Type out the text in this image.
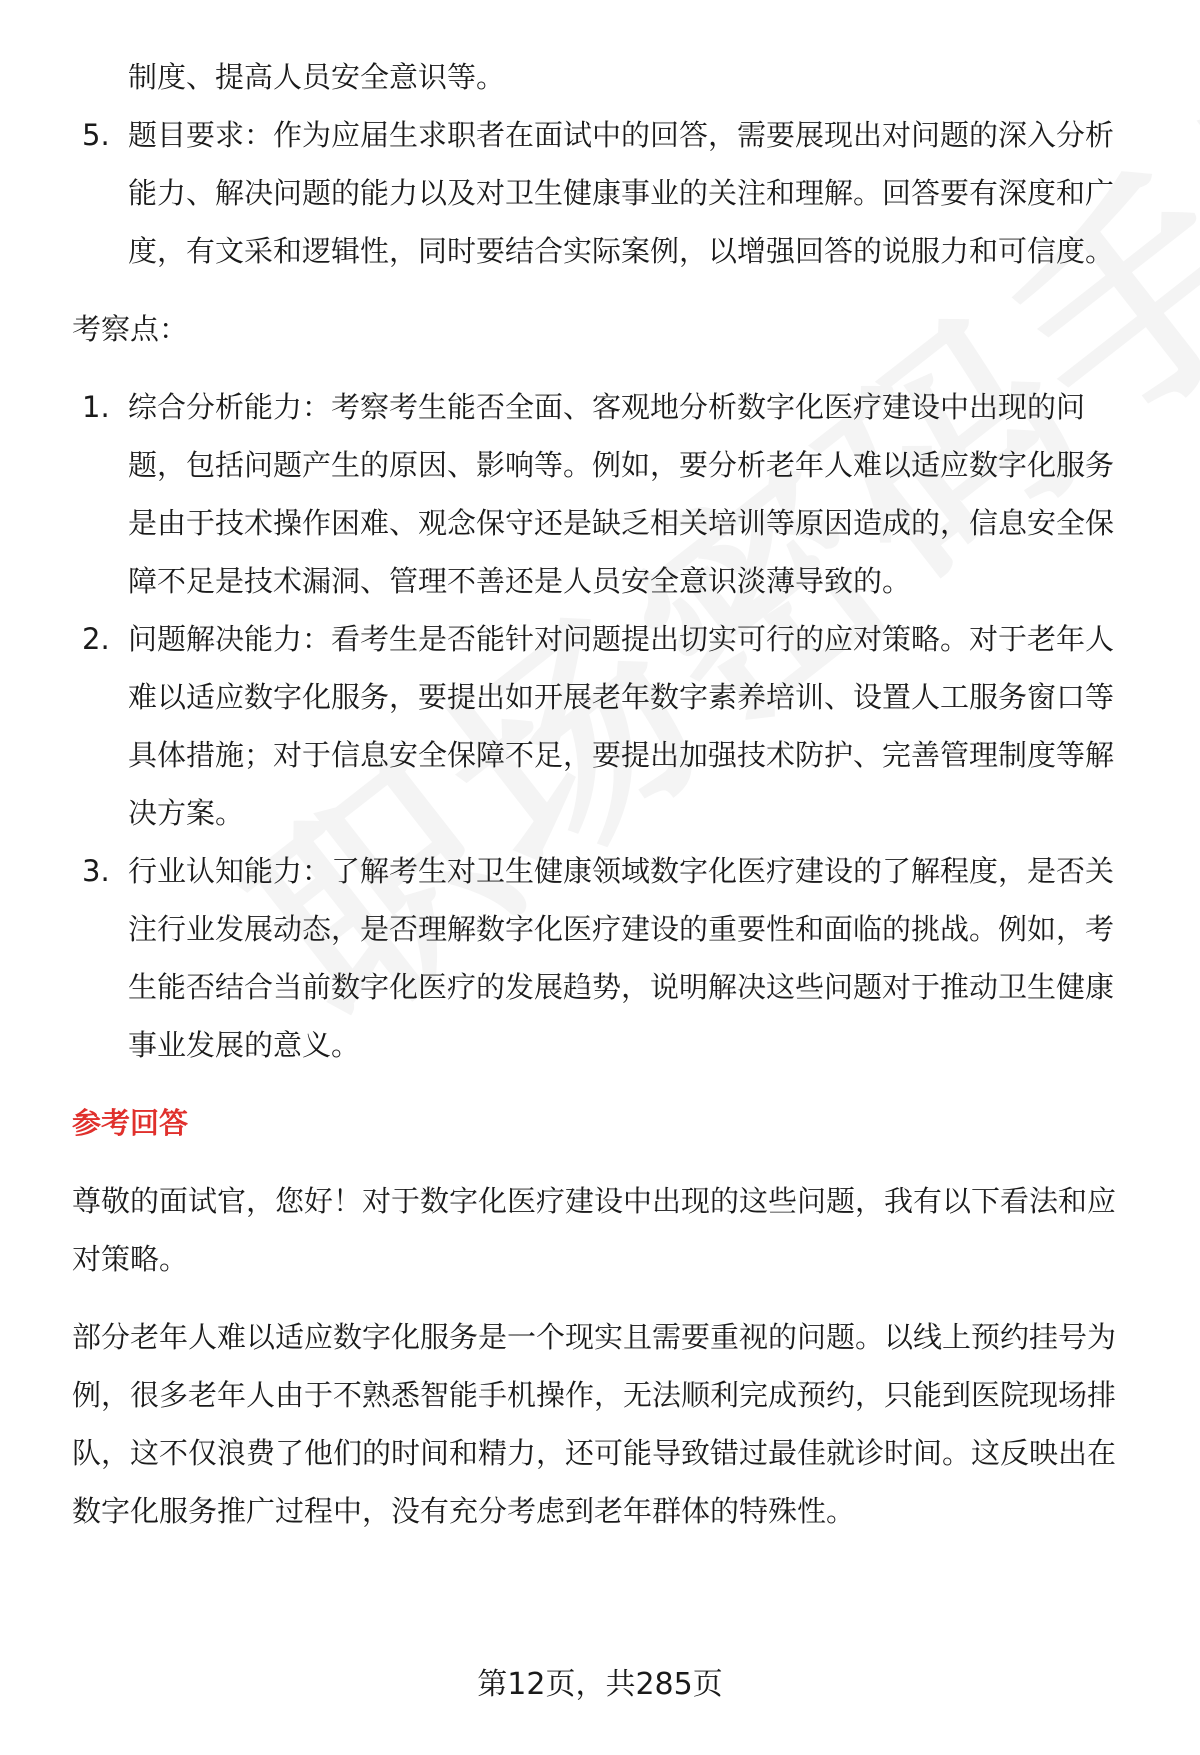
制度、提高人员安全意识等。
5. 题目要求：作为应届生求职者在面试中的回答，需要展现出对问题的深入分析
能力、解决问题的能力以及对卫生健康事业的关注和理解。回答要有深度和广
度，有文采和逻辑性，同时要结合实际案例，以增强回答的说服力和可信度。
考察点：
1. 综合分析能力：考察考生能否全面、客观地分析数字化医疗建设中出现的问
题，包括问题产生的原因、影响等。例如，要分析老年人难以适应数字化服务
是由于技术操作困难、观念保守还是缺乏相关培训等原因造成的，信息安全保
障不足是技术漏洞、管理不善还是人员安全意识淡薄导致的。
2. 问题解决能力：看考生是否能针对问题提出切实可行的应对策略。对于老年人
难以适应数字化服务，要提出如开展老年数字素养培训、设置人工服务窗口等
具体措施；对于信息安全保障不足，要提出加强技术防护、完善管理制度等解
决方案。
3. 行业认知能力：了解考生对卫生健康领域数字化医疗建设的了解程度，是否关
注行业发展动态，是否理解数字化医疗建设的重要性和面临的挑战。例如，考
生能否结合当前数字化医疗的发展趋势，说明解决这些问题对于推动卫生健康
事业发展的意义。
参考回答
尊敬的面试官，您好！对于数字化医疗建设中出现的这些问题，我有以下看法和应
对策略。
部分老年人难以适应数字化服务是一个现实且需要重视的问题。以线上预约挂号为
例，很多老年人由于不熟悉智能手机操作，无法顺利完成预约，只能到医院现场排
队，这不仅浪费了他们的时间和精力，还可能导致错过最佳就诊时间。这反映出在
数字化服务推广过程中，没有充分考虑到老年群体的特殊性。
第12页，共285页
